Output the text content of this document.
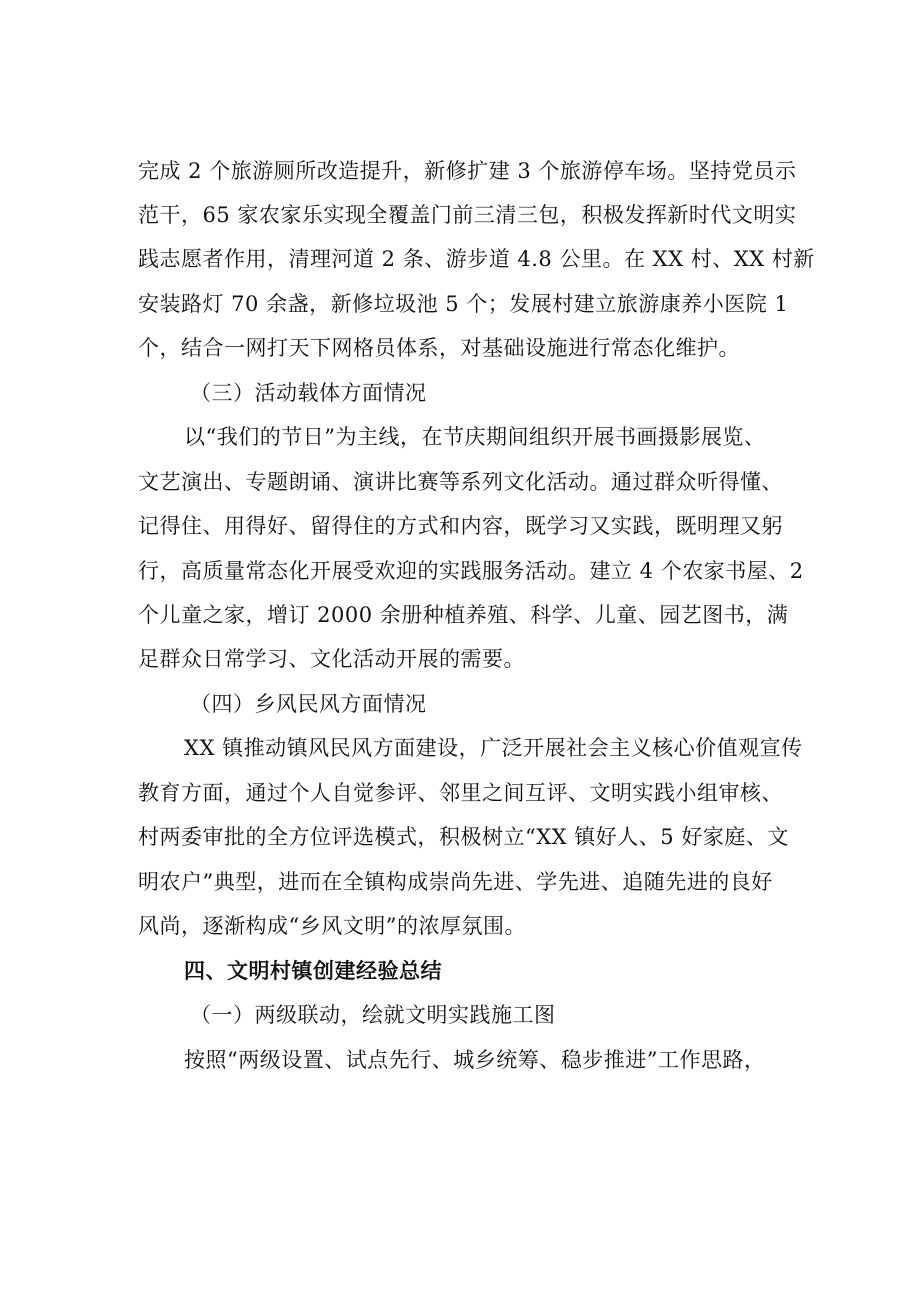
完成 2 个旅游厕所改造提升，新修扩建 3 个旅游停车场。坚持党员示
范干，65 家农家乐实现全覆盖门前三清三包，积极发挥新时代文明实
践志愿者作用，清理河道 2 条、游步道 4.8 公里。在 XX 村、XX 村新
安装路灯 70 余盏，新修垃圾池 5 个；发展村建立旅游康养小医院 1
个，结合一网打天下网格员体系，对基础设施进行常态化维护。
（三）活动载体方面情况
以“我们的节日”为主线，在节庆期间组织开展书画摄影展览、
文艺演出、专题朗诵、演讲比赛等系列文化活动。通过群众听得懂、
记得住、用得好、留得住的方式和内容，既学习又实践，既明理又躬
行，高质量常态化开展受欢迎的实践服务活动。建立 4 个农家书屋、2
个儿童之家，增订 2000 余册种植养殖、科学、儿童、园艺图书，满
足群众日常学习、文化活动开展的需要。
（四）乡风民风方面情况
XX 镇推动镇风民风方面建设，广泛开展社会主义核心价值观宣传
教育方面，通过个人自觉参评、邻里之间互评、文明实践小组审核、
村两委审批的全方位评选模式，积极树立“XX 镇好人、5 好家庭、文
明农户”典型，进而在全镇构成崇尚先进、学先进、追随先进的良好
风尚，逐渐构成“乡风文明”的浓厚氛围。
四、文明村镇创建经验总结
（一）两级联动，绘就文明实践施工图
按照“两级设置、试点先行、城乡统筹、稳步推进”工作思路，
